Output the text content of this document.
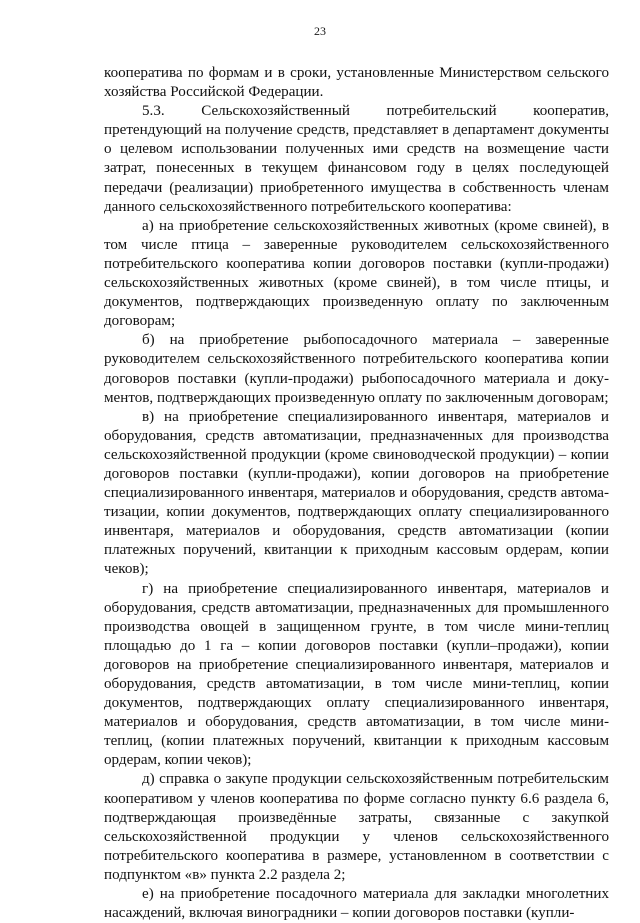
23

кооператива по формам и в сроки, установленные Министерством сельского хозяйства Российской Федерации.

5.3. Сельскохозяйственный потребительский кооператив, претендующий на получение средств, представляет в департамент документы о целевом использовании полученных ими средств на возмещение части затрат, понесенных в текущем финансовом году в целях последующей передачи (реализации) приобретенного имущества в собственность членам данного сельскохозяйственного потребительского кооператива:

а) на приобретение сельскохозяйственных животных (кроме свиней), в том числе птица – заверенные руководителем сельскохозяйственного потребительского кооператива копии договоров поставки (купли-продажи) сельскохозяйственных животных (кроме свиней), в том числе птицы, и документов, подтверждающих произведенную оплату по заключенным договорам;

б) на приобретение рыбопосадочного материала – заверенные руководителем сельскохозяйственного потребительского кооператива копии договоров поставки (купли-продажи) рыбопосадочного материала и документов, подтверждающих произведенную оплату по заключенным договорам;

в) на приобретение специализированного инвентаря, материалов и оборудования, средств автоматизации, предназначенных для производства сельскохозяйственной продукции (кроме свиноводческой продукции) – копии договоров поставки (купли-продажи), копии договоров на приобретение специализированного инвентаря, материалов и оборудования, средств автоматизации, копии документов, подтверждающих оплату специализированного инвентаря, материалов и оборудования, средств автоматизации (копии платежных поручений, квитанции к приходным кассовым ордерам, копии чеков);

г) на приобретение специализированного инвентаря, материалов и оборудования, средств автоматизации, предназначенных для промышленного производства овощей в защищенном грунте, в том числе мини-теплиц площадью до 1 га – копии договоров поставки (купли–продажи), копии договоров на приобретение специализированного инвентаря, материалов и оборудования, средств автоматизации, в том числе мини-теплиц, копии документов, подтверждающих оплату специализированного инвентаря, материалов и оборудования, средств автоматизации, в том числе мини-теплиц, (копии платежных поручений, квитанции к приходным кассовым ордерам, копии чеков);

д) справка о закупе продукции сельскохозяйственным потребительским кооперативом у членов кооператива по форме согласно пункту 6.6 раздела 6, подтверждающая произведённые затраты, связанные с закупкой сельскохозяйственной продукции у членов сельскохозяйственного потребительского кооператива в размере, установленном в соответствии с подпунктом «в» пункта 2.2 раздела 2;

е) на приобретение посадочного материала для закладки многолетних насаждений, включая виноградники – копии договоров поставки (купли-
